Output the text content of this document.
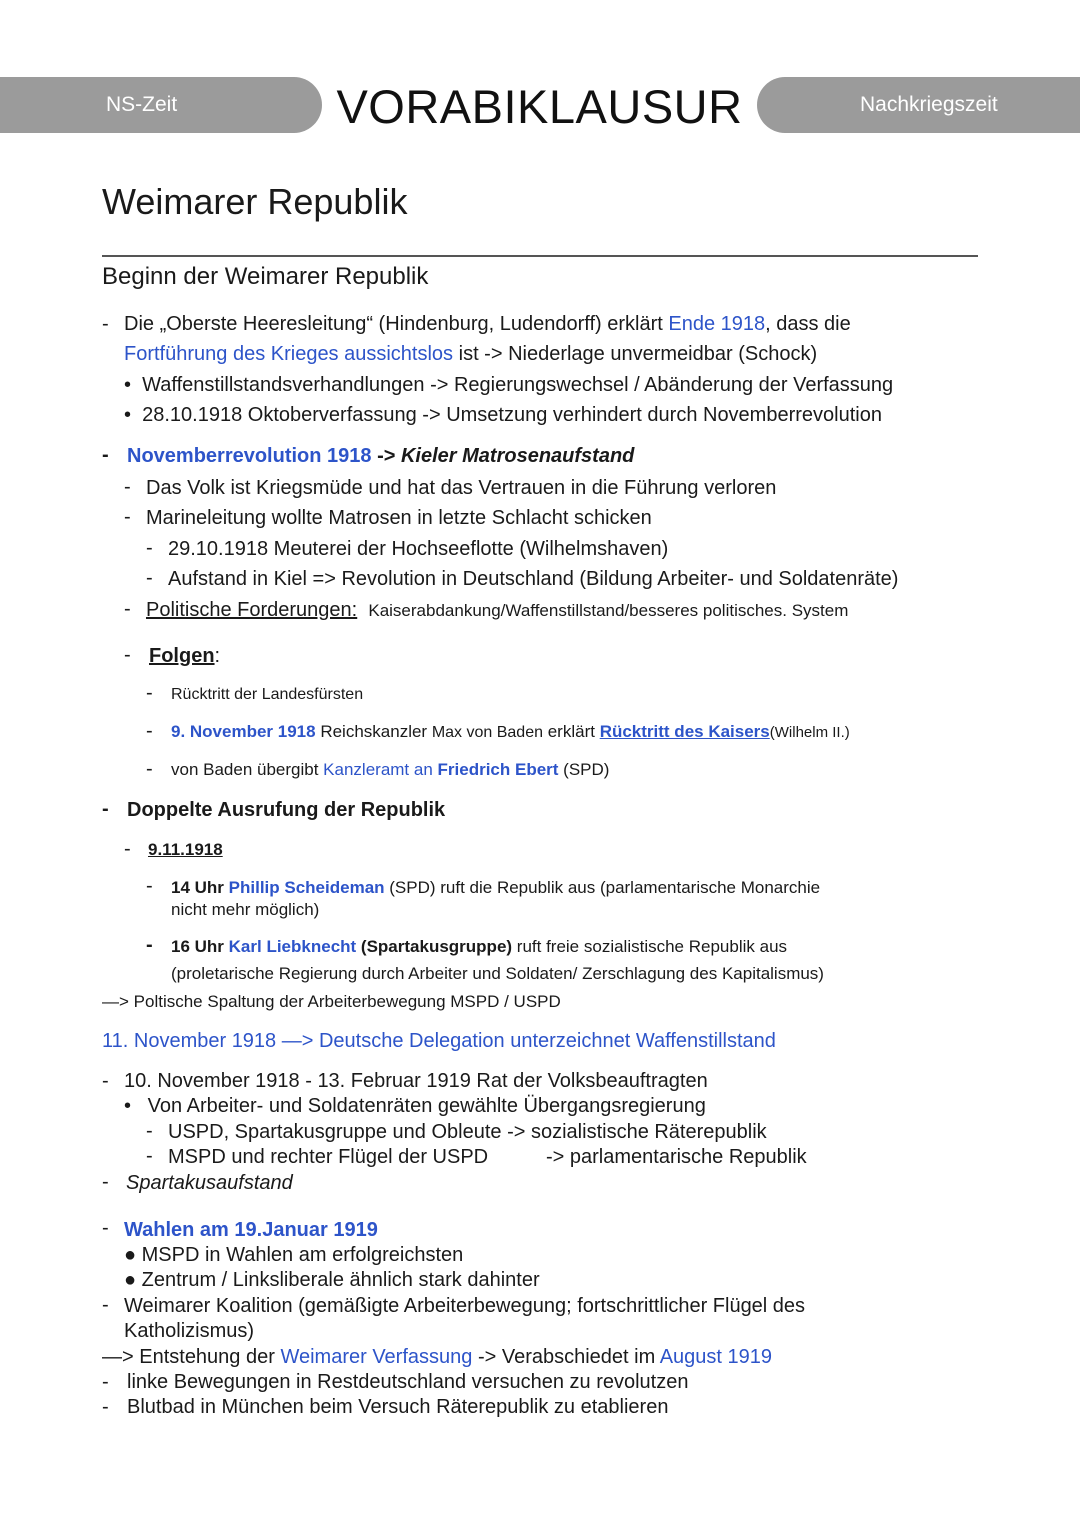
NS-Zeit	VORABIKLAUSUR	Nachkriegszeit
Weimarer Republik
Beginn der Weimarer Republik
- Die „Oberste Heeresleitung“ (Hindenburg, Ludendorff) erklärt Ende 1918, dass die
Fortführung des Krieges aussichtslos ist -> Niederlage unvermeidbar (Schock)
•  Waffenstillstandsverhandlungen -> Regierungswechsel / Abänderung der Verfassung
•  28.10.1918 Oktoberverfassung -> Umsetzung verhindert durch Novemberrevolution
- Novemberrevolution 1918 -> Kieler Matrosenaufstand
- Das Volk ist Kriegsmüde und hat das Vertrauen in die Führung verloren
- Marineleitung wollte Matrosen in letzte Schlacht schicken
- 29.10.1918 Meuterei der Hochseeflotte (Wilhelmshaven)
- Aufstand in Kiel => Revolution in Deutschland (Bildung Arbeiter- und Soldatenräte)
- Politische Forderungen: Kaiserabdankung/Waffenstillstand/besseres politisches. System
- Folgen:
- Rücktritt der Landesfürsten
- 9. November 1918 Reichskanzler Max von Baden erklärt Rücktritt des Kaisers(Wilhelm II.)
- von Baden übergibt Kanzleramt an Friedrich Ebert (SPD)
- Doppelte Ausrufung der Republik
- 9.11.1918
- 14 Uhr Phillip Scheideman (SPD) ruft die Republik aus (parlamentarische Monarchie
nicht mehr möglich)
- 16 Uhr Karl Liebknecht (Spartakusgruppe) ruft freie sozialistische Republik aus
(proletarische Regierung durch Arbeiter und Soldaten/ Zerschlagung des Kapitalismus)
—> Poltische Spaltung der Arbeiterbewegung MSPD / USPD
11. November 1918 —> Deutsche Delegation unterzeichnet Waffenstillstand
- 10. November 1918 - 13. Februar 1919 Rat der Volksbeauftragten
•   Von Arbeiter- und Soldatenräten gewählte Übergangsregierung
- USPD, Spartakusgruppe und Obleute -> sozialistische Räterepublik
- MSPD und rechter Flügel der USPD	-> parlamentarische Republik
- Spartakusaufstand
- Wahlen am 19.Januar 1919
● MSPD in Wahlen am erfolgreichsten
● Zentrum / Linksliberale ähnlich stark dahinter
- Weimarer Koalition (gemäßigte Arbeiterbewegung; fortschrittlicher Flügel des
Katholizismus)
—> Entstehung der Weimarer Verfassung -> Verabschiedet im August 1919
- linke Bewegungen in Restdeutschland versuchen zu revolutzen
- Blutbad in München beim Versuch Räterepublik zu etablieren
